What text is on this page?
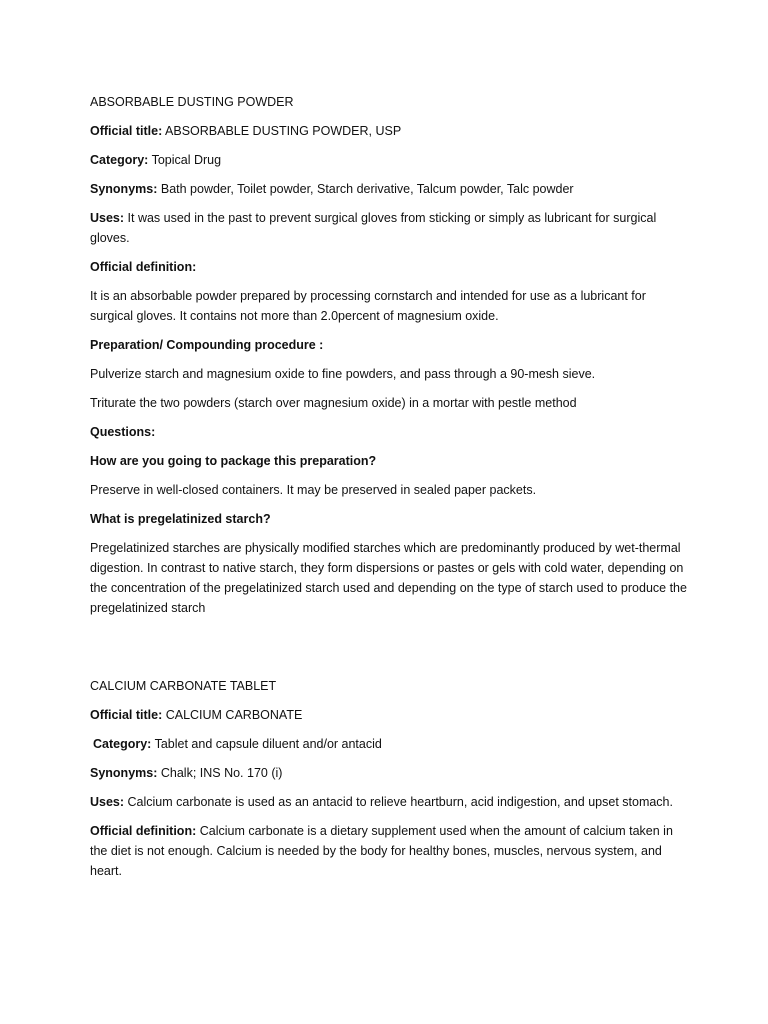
ABSORBABLE DUSTING POWDER

Official title: ABSORBABLE DUSTING POWDER, USP

Category: Topical Drug

Synonyms: Bath powder, Toilet powder, Starch derivative, Talcum powder, Talc powder

Uses: It was used in the past to prevent surgical gloves from sticking or simply as lubricant for surgical gloves.

Official definition:

It is an absorbable powder prepared by processing cornstarch and intended for use as a lubricant for surgical gloves. It contains not more than 2.0percent of magnesium oxide.

Preparation/ Compounding procedure :

Pulverize starch and magnesium oxide to fine powders, and pass through a 90-mesh sieve.

Triturate the two powders (starch over magnesium oxide) in a mortar with pestle method

Questions:

How are you going to package this preparation?

Preserve in well-closed containers. It may be preserved in sealed paper packets.

What is pregelatinized starch?

Pregelatinized starches are physically modified starches which are predominantly produced by wet-thermal digestion. In contrast to native starch, they form dispersions or pastes or gels with cold water, depending on the concentration of the pregelatinized starch used and depending on the type of starch used to produce the pregelatinized starch

CALCIUM CARBONATE TABLET

Official title: CALCIUM CARBONATE

Category: Tablet and capsule diluent and/or antacid

Synonyms: Chalk; INS No. 170 (i)

Uses: Calcium carbonate is used as an antacid to relieve heartburn, acid indigestion, and upset stomach.

Official definition: Calcium carbonate is a dietary supplement used when the amount of calcium taken in the diet is not enough. Calcium is needed by the body for healthy bones, muscles, nervous system, and heart.
